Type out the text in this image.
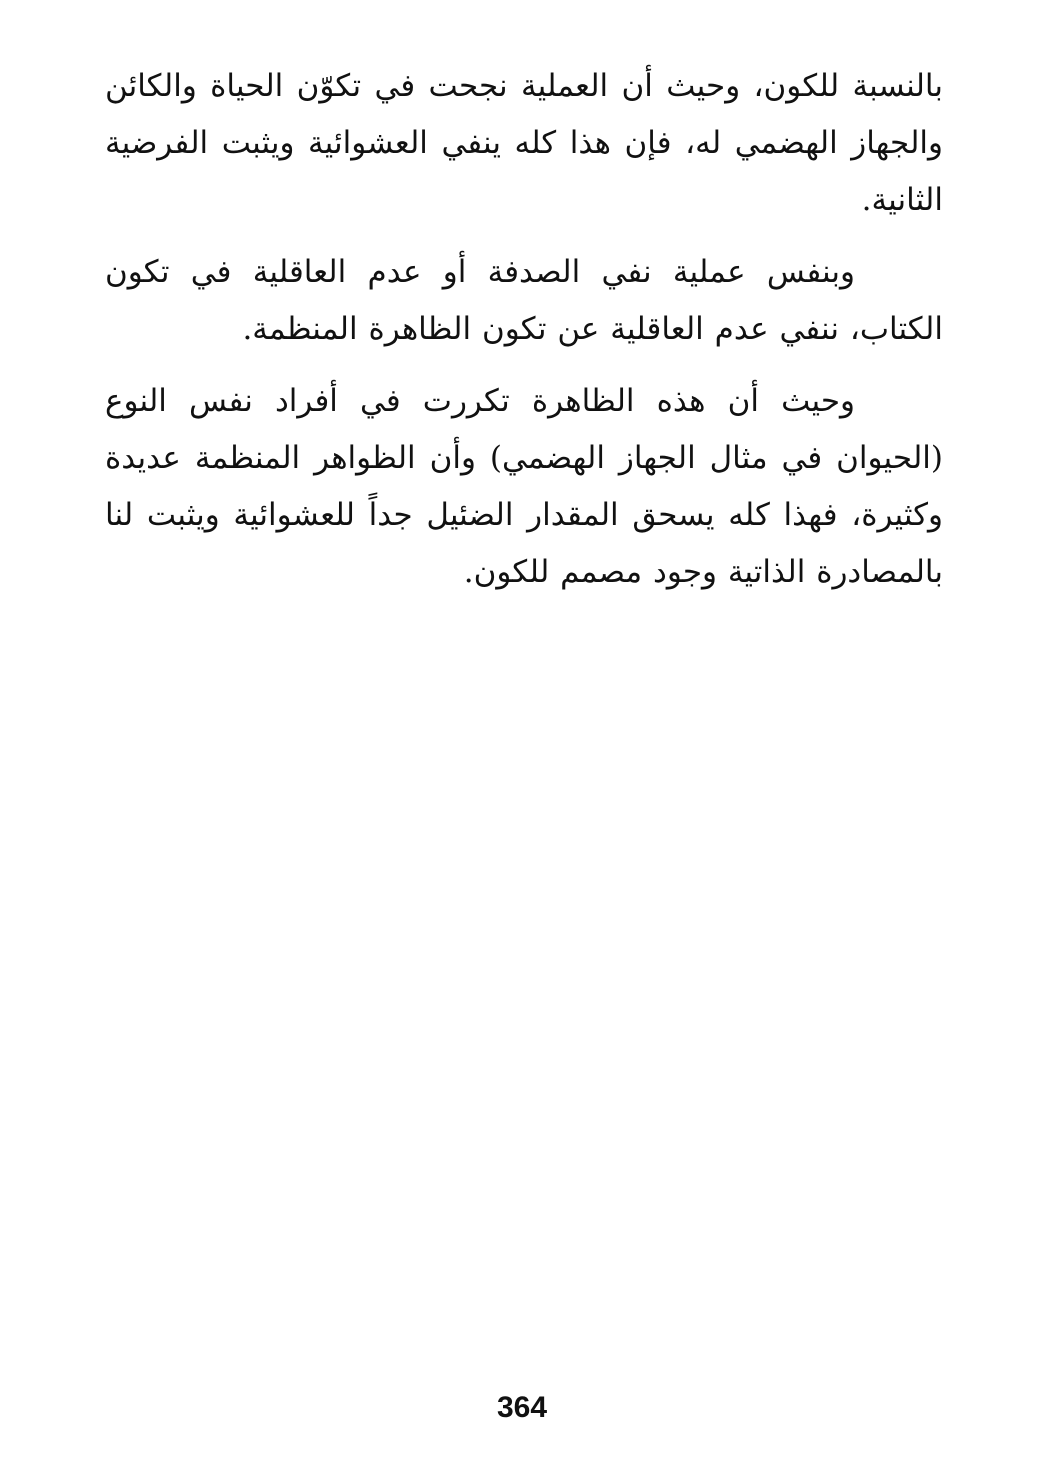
بالنسبة للكون، وحيث أن العملية نجحت في تكوّن الحياة والكائن والجهاز الهضمي له، فإن هذا كله ينفي العشوائية ويثبت الفرضية الثانية.

وبنفس عملية نفي الصدفة أو عدم العاقلية في تكون الكتاب، ننفي عدم العاقلية عن تكون الظاهرة المنظمة.

وحيث أن هذه الظاهرة تكررت في أفراد نفس النوع (الحيوان في مثال الجهاز الهضمي) وأن الظواهر المنظمة عديدة وكثيرة، فهذا كله يسحق المقدار الضئيل جداً للعشوائية ويثبت لنا بالمصادرة الذاتية وجود مصمم للكون.

364
